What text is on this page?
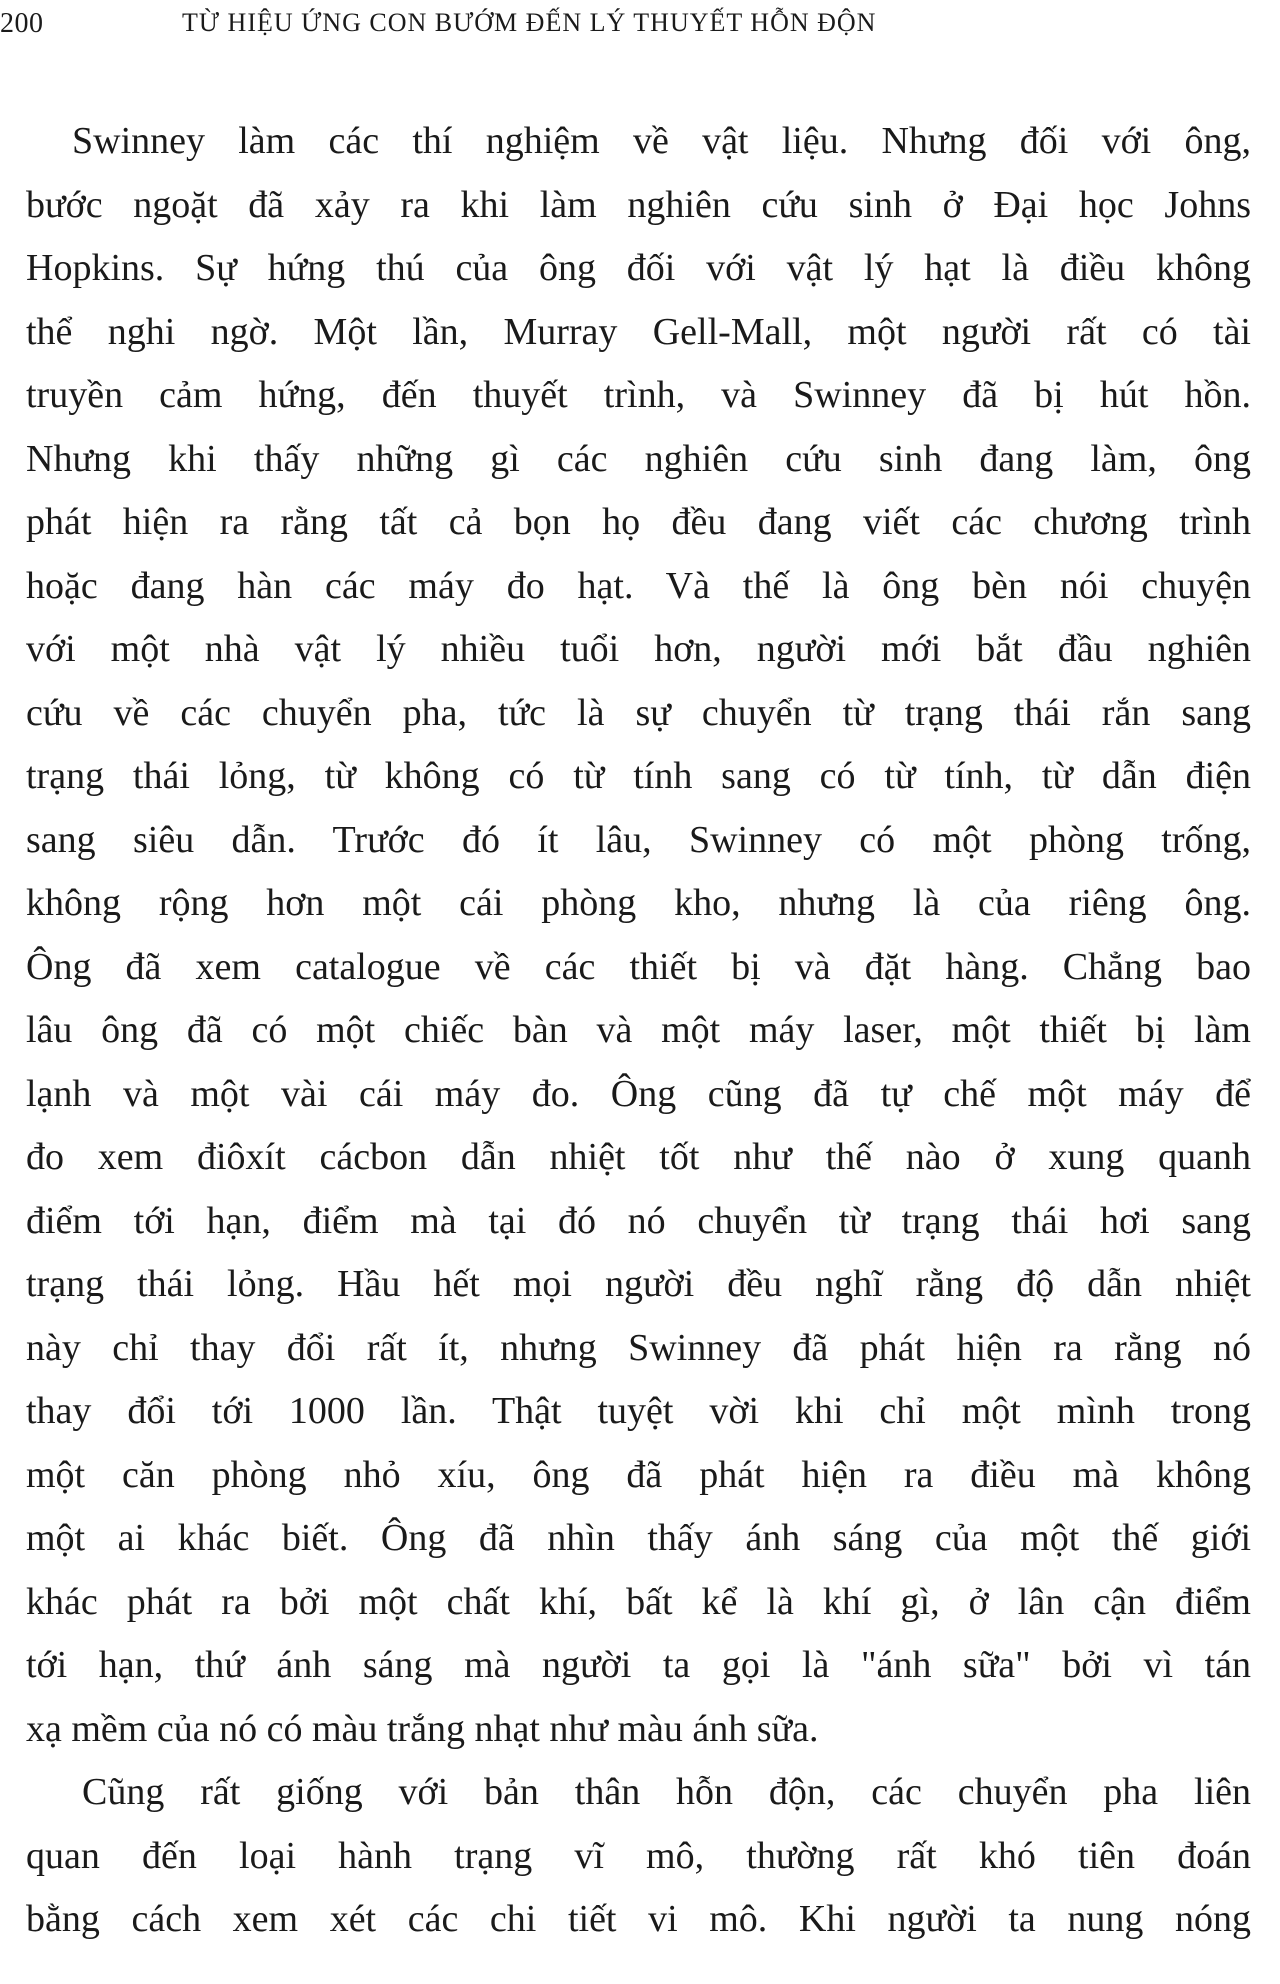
200	TỪ HIỆU ỨNG CON BƯỚM ĐẾN LÝ THUYẾT HỖN ĐỘN
Swinney làm các thí nghiệm về vật liệu. Nhưng đối với ông,
bước ngoặt đã xảy ra khi làm nghiên cứu sinh ở Đại học Johns
Hopkins. Sự hứng thú của ông đối với vật lý hạt là điều không
thể nghi ngờ. Một lần, Murray Gell-Mall, một người rất có tài
truyền cảm hứng, đến thuyết trình, và Swinney đã bị hút hồn.
Nhưng khi thấy những gì các nghiên cứu sinh đang làm, ông
phát hiện ra rằng tất cả bọn họ đều đang viết các chương trình
hoặc đang hàn các máy đo hạt. Và thế là ông bèn nói chuyện
với một nhà vật lý nhiều tuổi hơn, người mới bắt đầu nghiên
cứu về các chuyển pha, tức là sự chuyển từ trạng thái rắn sang
trạng thái lỏng, từ không có từ tính sang có từ tính, từ dẫn điện
sang siêu dẫn. Trước đó ít lâu, Swinney có một phòng trống,
không rộng hơn một cái phòng kho, nhưng là của riêng ông.
Ông đã xem catalogue về các thiết bị và đặt hàng. Chẳng bao
lâu ông đã có một chiếc bàn và một máy laser, một thiết bị làm
lạnh và một vài cái máy đo. Ông cũng đã tự chế một máy để
đo xem điôxít cácbon dẫn nhiệt tốt như thế nào ở xung quanh
điểm tới hạn, điểm mà tại đó nó chuyển từ trạng thái hơi sang
trạng thái lỏng. Hầu hết mọi người đều nghĩ rằng độ dẫn nhiệt
này chỉ thay đổi rất ít, nhưng Swinney đã phát hiện ra rằng nó
thay đổi tới 1000 lần. Thật tuyệt vời khi chỉ một mình trong
một căn phòng nhỏ xíu, ông đã phát hiện ra điều mà không
một ai khác biết. Ông đã nhìn thấy ánh sáng của một thế giới
khác phát ra bởi một chất khí, bất kể là khí gì, ở lân cận điểm
tới hạn, thứ ánh sáng mà người ta gọi là "ánh sữa" bởi vì tán
xạ mềm của nó có màu trắng nhạt như màu ánh sữa.
Cũng rất giống với bản thân hỗn độn, các chuyển pha liên
quan đến loại hành trạng vĩ mô, thường rất khó tiên đoán
bằng cách xem xét các chi tiết vi mô. Khi người ta nung nóng
